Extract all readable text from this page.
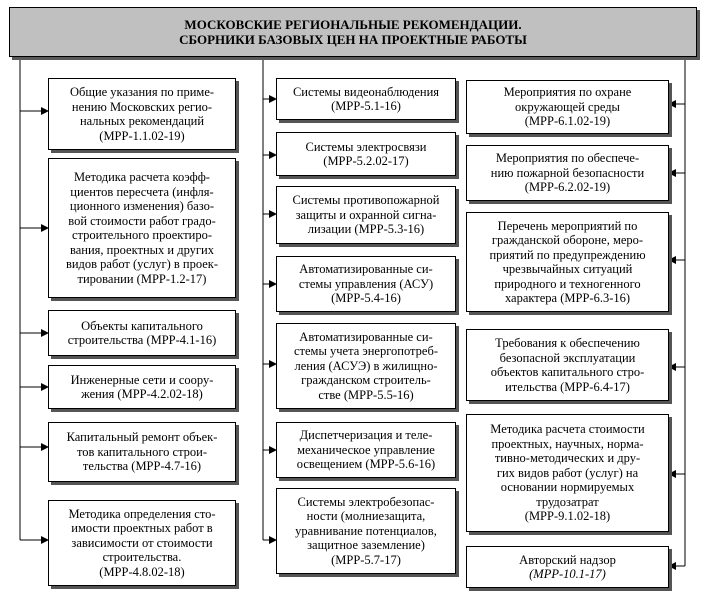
МОСКОВСКИЕ РЕГИОНАЛЬНЫЕ РЕКОМЕНДАЦИИ.
СБОРНИКИ БАЗОВЫХ ЦЕН НА ПРОЕКТНЫЕ РАБОТЫ
Общие указания по приме-
нению Московских регио-
нальных рекомендаций
(МРР-1.1.02-19)
Методика расчета коэфф-
циентов пересчета (инфля-
ционного изменения) базо-
вой стоимости работ градо-
строительного проектиро-
вания, проектных и других
видов работ (услуг) в проек-
тировании (МРР-1.2-17)
Объекты капитального
строительства (МРР-4.1-16)
Инженерные сети и соору-
жения (МРР-4.2.02-18)
Капитальный ремонт объек-
тов капитального строи-
тельства (МРР-4.7-16)
Методика определения сто-
имости проектных работ в
зависимости от стоимости
строительства.
(МРР-4.8.02-18)
Системы видеонаблюдения
(МРР-5.1-16)
Системы электросвязи
(МРР-5.2.02-17)
Системы противопожарной
защиты и охранной сигна-
лизации (МРР-5.3-16)
Автоматизированные си-
стемы управления (АСУ)
(МРР-5.4-16)
Автоматизированные си-
стемы учета энергопотреб-
ления (АСУЭ) в жилищно-
гражданском строитель-
стве (МРР-5.5-16)
Диспетчеризация и теле-
механическое управление
освещением (МРР-5.6-16)
Системы электробезопас-
ности (молниезащита,
уравнивание потенциалов,
защитное заземление)
(МРР-5.7-17)
Мероприятия по охране
окружающей среды
(МРР-6.1.02-19)
Мероприятия по обеспече-
нию пожарной безопасности
(МРР-6.2.02-19)
Перечень мероприятий по
гражданской обороне, меро-
приятий по предупреждению
чрезвычайных ситуаций
природного и техногенного
характера (МРР-6.3-16)
Требования к обеспечению
безопасной эксплуатации
объектов капитального стро-
ительства (МРР-6.4-17)
Методика расчета стоимости
проектных, научных, норма-
тивно-методических и дру-
гих видов работ (услуг) на
основании нормируемых
трудозатрат
(МРР-9.1.02-18)
Авторский надзор
(МРР-10.1-17)
